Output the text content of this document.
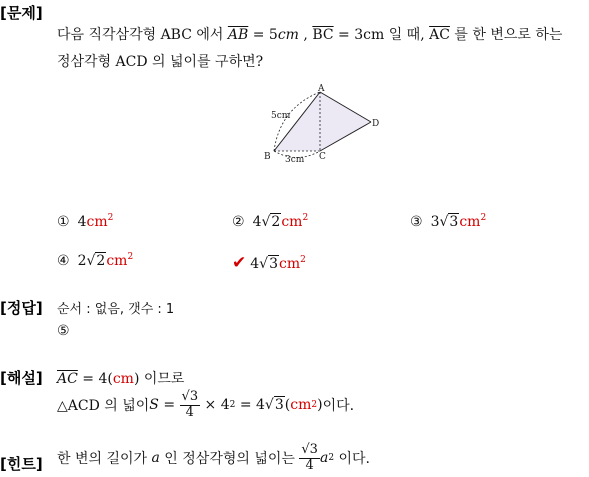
[문제]
다음 직각삼각형 ABC 에서 $\overline{AB} = 5cm$ , $\overline{BC} = 3cm$ 일 때, $\overline{AC}$ 를 한 변으로 하는
정삼각형 ACD 의 넓이를 구하면?
A
B	C
D
5cm
3cm
① $4cm^2$	② $4√2cm^2$	③ $3√3cm^2$
④ $2√2cm^2$	✔ $4√3cm^2$
[정답] 순서 : 없음, 갯수 : 1
⑤
[해설] $\overline{AC} = 4(cm)$ 이므로
△ACD 의 넓이 $S = \frac{√3}{4} \times 4$ 2 = 4 √3 ( cm 2 ) 이다.
[힌트] 한 변의 길이가 a 인 정삼각형의 넓이는 $\frac{√3}{4}$ a 2 이다.
